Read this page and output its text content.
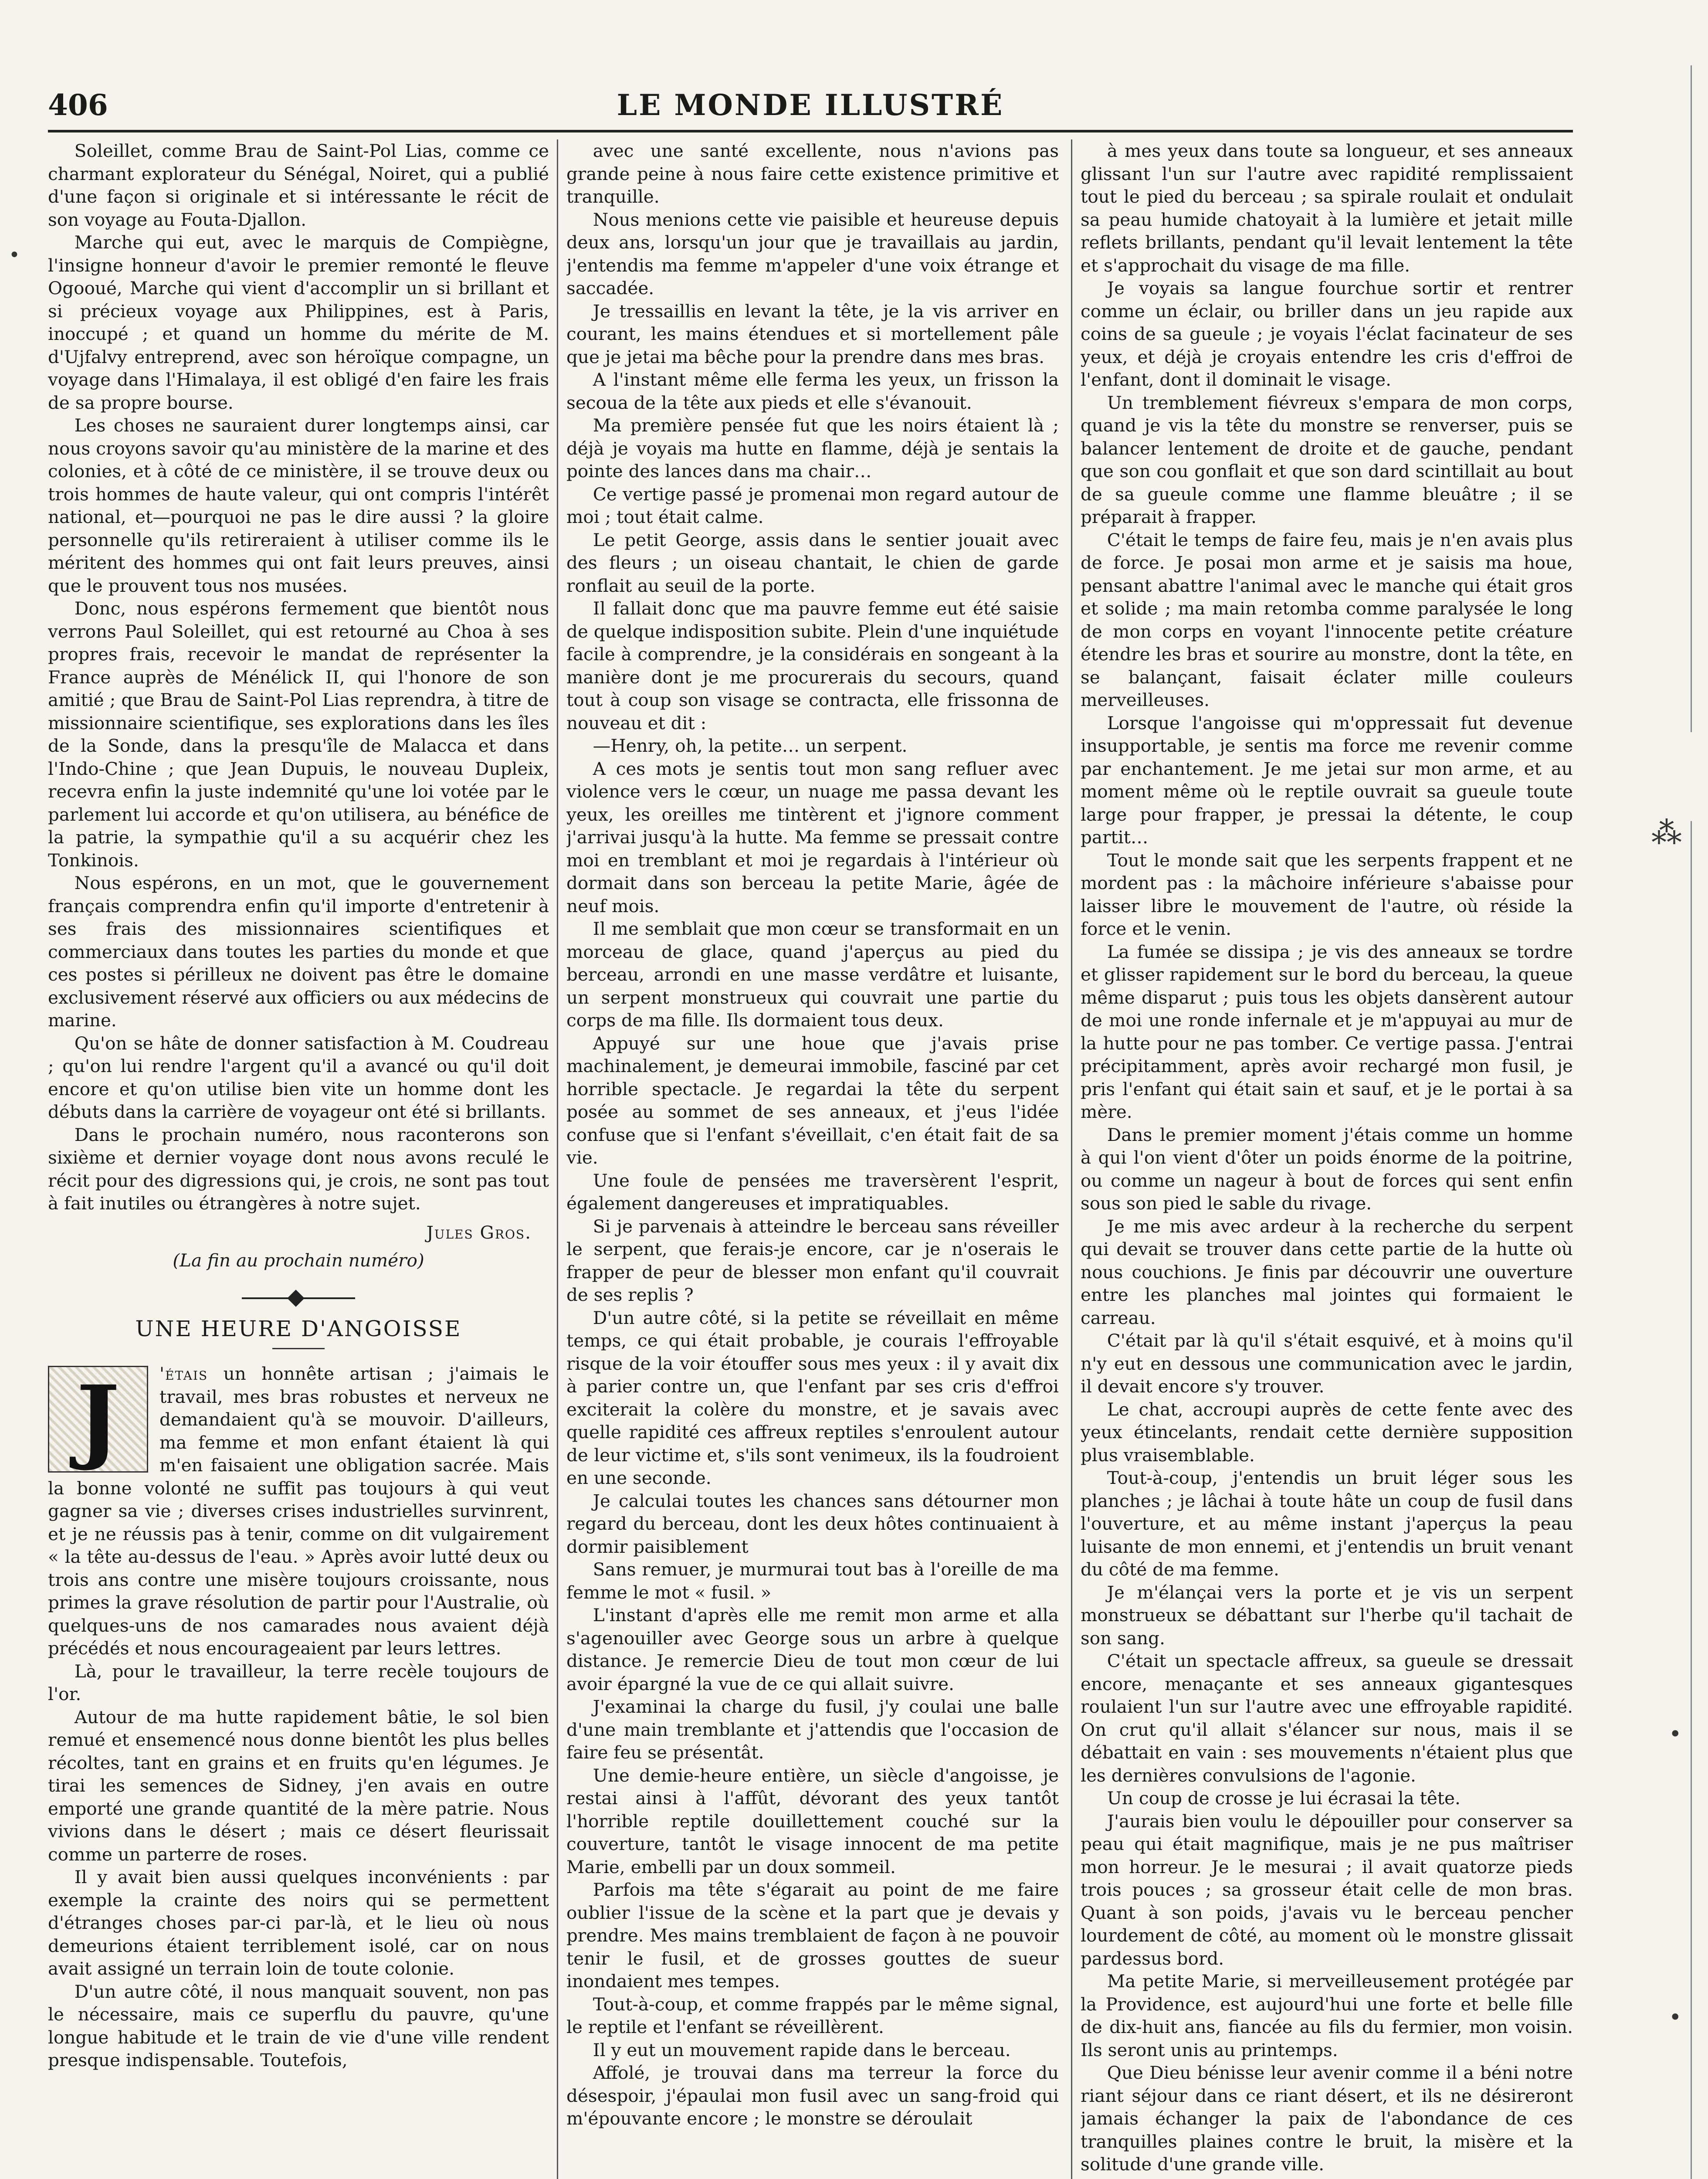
406	LE MONDE ILLUSTRÉ

Soleillet, comme Brau de Saint-Pol Lias, comme ce charmant explorateur du Sénégal, Noiret, qui a publié d'une façon si originale et si intéressante le récit de son voyage au Fouta-Djallon.

Marche qui eut, avec le marquis de Compiègne, l'insigne honneur d'avoir le premier remonté le fleuve Ogooué, Marche qui vient d'accomplir un si brillant et si précieux voyage aux Philippines, est à Paris, inoccupé ; et quand un homme du mérite de M. d'Ujfalvy entreprend, avec son héroïque compagne, un voyage dans l'Himalaya, il est obligé d'en faire les frais de sa propre bourse.

Les choses ne sauraient durer longtemps ainsi, car nous croyons savoir qu'au ministère de la marine et des colonies, et à côté de ce ministère, il se trouve deux ou trois hommes de haute valeur, qui ont compris l'intérêt national, et—pourquoi ne pas le dire aussi ? la gloire personnelle qu'ils retireraient à utiliser comme ils le méritent des hommes qui ont fait leurs preuves, ainsi que le prouvent tous nos musées.

Donc, nous espérons fermement que bientôt nous verrons Paul Soleillet, qui est retourné au Choa à ses propres frais, recevoir le mandat de représenter la France auprès de Ménélick II, qui l'honore de son amitié ; que Brau de Saint-Pol Lias reprendra, à titre de missionnaire scientifique, ses explorations dans les îles de la Sonde, dans la presqu'île de Malacca et dans l'Indo-Chine ; que Jean Dupuis, le nouveau Dupleix, recevra enfin la juste indemnité qu'une loi votée par le parlement lui accorde et qu'on utilisera, au bénéfice de la patrie, la sympathie qu'il a su acquérir chez les Tonkinois.

Nous espérons, en un mot, que le gouvernement français comprendra enfin qu'il importe d'entretenir à ses frais des missionnaires scientifiques et commerciaux dans toutes les parties du monde et que ces postes si périlleux ne doivent pas être le domaine exclusivement réservé aux officiers ou aux médecins de marine.

Qu'on se hâte de donner satisfaction à M. Coudreau ; qu'on lui rendre l'argent qu'il a avancé ou qu'il doit encore et qu'on utilise bien vite un homme dont les débuts dans la carrière de voyageur ont été si brillants.

Dans le prochain numéro, nous raconterons son sixième et dernier voyage dont nous avons reculé le récit pour des digressions qui, je crois, ne sont pas tout à fait inutiles ou étrangères à notre sujet.

Jules Gros.
(La fin au prochain numéro)
UNE HEURE D'ANGOISSE

J	'étais un honnête artisan ; j'aimais le travail, mes bras robustes et nerveux ne demandaient qu'à se mouvoir. D'ailleurs, ma femme et mon enfant étaient là qui m'en faisaient une obligation sacrée. Mais la bonne volonté ne suffit pas toujours à qui veut gagner sa vie ; diverses crises industrielles survinrent, et je ne réussis pas à tenir, comme on dit vulgairement « la tête au-dessus de l'eau. » Après avoir lutté deux ou trois ans contre une misère toujours croissante, nous primes la grave résolution de partir pour l'Australie, où quelques-uns de nos camarades nous avaient déjà précédés et nous encourageaient par leurs lettres.

Là, pour le travailleur, la terre recèle toujours de l'or.

Autour de ma hutte rapidement bâtie, le sol bien remué et ensemencé nous donne bientôt les plus belles récoltes, tant en grains et en fruits qu'en légumes. Je tirai les semences de Sidney, j'en avais en outre emporté une grande quantité de la mère patrie. Nous vivions dans le désert ; mais ce désert fleurissait comme un parterre de roses.

Il y avait bien aussi quelques inconvénients : par exemple la crainte des noirs qui se permettent d'étranges choses par-ci par-là, et le lieu où nous demeurions étaient terriblement isolé, car on nous avait assigné un terrain loin de toute colonie.

D'un autre côté, il nous manquait souvent, non pas le nécessaire, mais ce superflu du pauvre, qu'une longue habitude et le train de vie d'une ville rendent presque indispensable. Toutefois,

avec une santé excellente, nous n'avions pas grande peine à nous faire cette existence primitive et tranquille.

Nous menions cette vie paisible et heureuse depuis deux ans, lorsqu'un jour que je travaillais au jardin, j'entendis ma femme m'appeler d'une voix étrange et saccadée.

Je tressaillis en levant la tête, je la vis arriver en courant, les mains étendues et si mortellement pâle que je jetai ma bêche pour la prendre dans mes bras.

A l'instant même elle ferma les yeux, un frisson la secoua de la tête aux pieds et elle s'évanouit.

Ma première pensée fut que les noirs étaient là ; déjà je voyais ma hutte en flamme, déjà je sentais la pointe des lances dans ma chair…

Ce vertige passé je promenai mon regard autour de moi ; tout était calme.

Le petit George, assis dans le sentier jouait avec des fleurs ; un oiseau chantait, le chien de garde ronflait au seuil de la porte.

Il fallait donc que ma pauvre femme eut été saisie de quelque indisposition subite. Plein d'une inquiétude facile à comprendre, je la considérais en songeant à la manière dont je me procurerais du secours, quand tout à coup son visage se contracta, elle frissonna de nouveau et dit :

—Henry, oh, la petite… un serpent.

A ces mots je sentis tout mon sang refluer avec violence vers le cœur, un nuage me passa devant les yeux, les oreilles me tintèrent et j'ignore comment j'arrivai jusqu'à la hutte. Ma femme se pressait contre moi en tremblant et moi je regardais à l'intérieur où dormait dans son berceau la petite Marie, âgée de neuf mois.

Il me semblait que mon cœur se transformait en un morceau de glace, quand j'aperçus au pied du berceau, arrondi en une masse verdâtre et luisante, un serpent monstrueux qui couvrait une partie du corps de ma fille. Ils dormaient tous deux.

Appuyé sur une houe que j'avais prise machinalement, je demeurai immobile, fasciné par cet horrible spectacle. Je regardai la tête du serpent posée au sommet de ses anneaux, et j'eus l'idée confuse que si l'enfant s'éveillait, c'en était fait de sa vie.

Une foule de pensées me traversèrent l'esprit, également dangereuses et impratiquables.

Si je parvenais à atteindre le berceau sans réveiller le serpent, que ferais-je encore, car je n'oserais le frapper de peur de blesser mon enfant qu'il couvrait de ses replis ?

D'un autre côté, si la petite se réveillait en même temps, ce qui était probable, je courais l'effroyable risque de la voir étouffer sous mes yeux : il y avait dix à parier contre un, que l'enfant par ses cris d'effroi exciterait la colère du monstre, et je savais avec quelle rapidité ces affreux reptiles s'enroulent autour de leur victime et, s'ils sont venimeux, ils la foudroient en une seconde.

Je calculai toutes les chances sans détourner mon regard du berceau, dont les deux hôtes continuaient à dormir paisiblement

Sans remuer, je murmurai tout bas à l'oreille de ma femme le mot « fusil. »

L'instant d'après elle me remit mon arme et alla s'agenouiller avec George sous un arbre à quelque distance. Je remercie Dieu de tout mon cœur de lui avoir épargné la vue de ce qui allait suivre.

J'examinai la charge du fusil, j'y coulai une balle d'une main tremblante et j'attendis que l'occasion de faire feu se présentât.

Une demie-heure entière, un siècle d'angoisse, je restai ainsi à l'affût, dévorant des yeux tantôt l'horrible reptile douillettement couché sur la couverture, tantôt le visage innocent de ma petite Marie, embelli par un doux sommeil.

Parfois ma tête s'égarait au point de me faire oublier l'issue de la scène et la part que je devais y prendre. Mes mains tremblaient de façon à ne pouvoir tenir le fusil, et de grosses gouttes de sueur inondaient mes tempes.

Tout-à-coup, et comme frappés par le même signal, le reptile et l'enfant se réveillèrent.

Il y eut un mouvement rapide dans le berceau.

Affolé, je trouvai dans ma terreur la force du désespoir, j'épaulai mon fusil avec un sang-froid qui m'épouvante encore ; le monstre se déroulait

à mes yeux dans toute sa longueur, et ses anneaux glissant l'un sur l'autre avec rapidité remplissaient tout le pied du berceau ; sa spirale roulait et ondulait sa peau humide chatoyait à la lumière et jetait mille reflets brillants, pendant qu'il levait lentement la tête et s'approchait du visage de ma fille.

Je voyais sa langue fourchue sortir et rentrer comme un éclair, ou briller dans un jeu rapide aux coins de sa gueule ; je voyais l'éclat facinateur de ses yeux, et déjà je croyais entendre les cris d'effroi de l'enfant, dont il dominait le visage.

Un tremblement fiévreux s'empara de mon corps, quand je vis la tête du monstre se renverser, puis se balancer lentement de droite et de gauche, pendant que son cou gonflait et que son dard scintillait au bout de sa gueule comme une flamme bleuâtre ; il se préparait à frapper.

C'était le temps de faire feu, mais je n'en avais plus de force. Je posai mon arme et je saisis ma houe, pensant abattre l'animal avec le manche qui était gros et solide ; ma main retomba comme paralysée le long de mon corps en voyant l'innocente petite créature étendre les bras et sourire au monstre, dont la tête, en se balançant, faisait éclater mille couleurs merveilleuses.

Lorsque l'angoisse qui m'oppressait fut devenue insupportable, je sentis ma force me revenir comme par enchantement. Je me jetai sur mon arme, et au moment même où le reptile ouvrait sa gueule toute large pour frapper, je pressai la détente, le coup partit…

Tout le monde sait que les serpents frappent et ne mordent pas : la mâchoire inférieure s'abaisse pour laisser libre le mouvement de l'autre, où réside la force et le venin.

La fumée se dissipa ; je vis des anneaux se tordre et glisser rapidement sur le bord du berceau, la queue même disparut ; puis tous les objets dansèrent autour de moi une ronde infernale et je m'appuyai au mur de la hutte pour ne pas tomber. Ce vertige passa. J'entrai précipitamment, après avoir rechargé mon fusil, je pris l'enfant qui était sain et sauf, et je le portai à sa mère.

Dans le premier moment j'étais comme un homme à qui l'on vient d'ôter un poids énorme de la poitrine, ou comme un nageur à bout de forces qui sent enfin sous son pied le sable du rivage.

Je me mis avec ardeur à la recherche du serpent qui devait se trouver dans cette partie de la hutte où nous couchions. Je finis par découvrir une ouverture entre les planches mal jointes qui formaient le carreau.

C'était par là qu'il s'était esquivé, et à moins qu'il n'y eut en dessous une communication avec le jardin, il devait encore s'y trouver.

Le chat, accroupi auprès de cette fente avec des yeux étincelants, rendait cette dernière supposition plus vraisemblable.

Tout-à-coup, j'entendis un bruit léger sous les planches ; je lâchai à toute hâte un coup de fusil dans l'ouverture, et au même instant j'aperçus la peau luisante de mon ennemi, et j'entendis un bruit venant du côté de ma femme.

Je m'élançai vers la porte et je vis un serpent monstrueux se débattant sur l'herbe qu'il tachait de son sang.

C'était un spectacle affreux, sa gueule se dressait encore, menaçante et ses anneaux gigantesques roulaient l'un sur l'autre avec une effroyable rapidité. On crut qu'il allait s'élancer sur nous, mais il se débattait en vain : ses mouvements n'étaient plus que les dernières convulsions de l'agonie.

Un coup de crosse je lui écrasai la tête.

J'aurais bien voulu le dépouiller pour conserver sa peau qui était magnifique, mais je ne pus maîtriser mon horreur. Je le mesurai ; il avait quatorze pieds trois pouces ; sa grosseur était celle de mon bras. Quant à son poids, j'avais vu le berceau pencher lourdement de côté, au moment où le monstre glissait pardessus bord.

Ma petite Marie, si merveilleusement protégée par la Providence, est aujourd'hui une forte et belle fille de dix-huit ans, fiancée au fils du fermier, mon voisin. Ils seront unis au printemps.

Que Dieu bénisse leur avenir comme il a béni notre riant séjour dans ce riant désert, et ils ne désireront jamais échanger la paix de l'abondance de ces tranquilles plaines contre le bruit, la misère et la solitude d'une grande ville.

•
⁂
•
•
